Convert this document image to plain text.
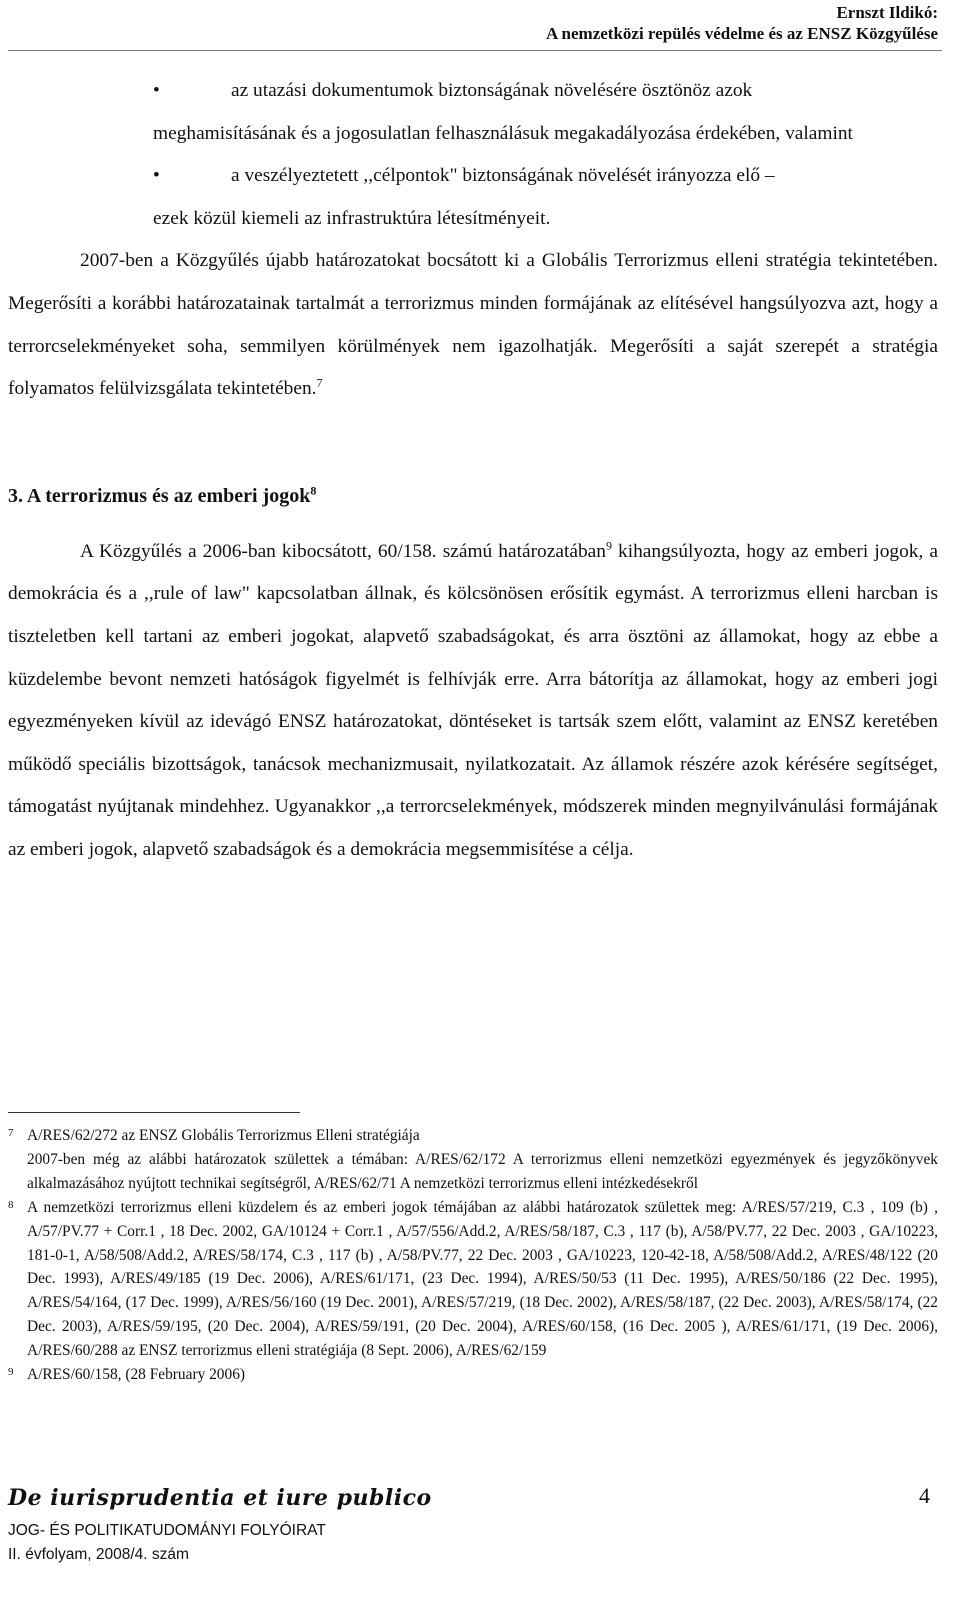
Ernszt Ildikó:
A nemzetközi repülés védelme és az ENSZ Közgyűlése

•	az utazási dokumentumok biztonságának növelésére ösztönöz azok

meghamisításának és a jogosulatlan felhasználásuk megakadályozása érdekében, valamint

•	a veszélyeztetett ,,célpontok" biztonságának növelését irányozza elő –

ezek közül kiemeli az infrastruktúra létesítményeit.

2007-ben a Közgyűlés újabb határozatokat bocsátott ki a Globális Terrorizmus elleni stratégia tekintetében. Megerősíti a korábbi határozatainak tartalmát a terrorizmus minden formájának az elítésével hangsúlyozva azt, hogy a terrorcselekményeket soha, semmilyen körülmények nem igazolhatják. Megerősíti a saját szerepét a stratégia folyamatos felülvizsgálata tekintetében.$^7$

3. A terrorizmus és az emberi jogok$^8$

A Közgyűlés a 2006-ban kibocsátott, 60/158. számú határozatában$^9$ kihangsúlyozta, hogy az emberi jogok, a demokrácia és a ,,rule of law" kapcsolatban állnak, és kölcsönösen erősítik egymást. A terrorizmus elleni harcban is tiszteletben kell tartani az emberi jogokat, alapvető szabadságokat, és arra ösztöni az államokat, hogy az ebbe a küzdelembe bevont nemzeti hatóságok figyelmét is felhívják erre. Arra bátorítja az államokat, hogy az emberi jogi egyezményeken kívül az idevágó ENSZ határozatokat, döntéseket is tartsák szem előtt, valamint az ENSZ keretében működő speciális bizottságok, tanácsok mechanizmusait, nyilatkozatait. Az államok részére azok kérésére segítséget, támogatást nyújtanak mindehhez. Ugyanakkor ,,a terrorcselekmények, módszerek minden megnyilvánulási formájának az emberi jogok, alapvető szabadságok és a demokrácia megsemmisítése a célja.

7 A/RES/62/272 az ENSZ Globális Terrorizmus Elleni stratégiája
2007-ben még az alábbi határozatok születtek a témában: A/RES/62/172 A terrorizmus elleni nemzetközi egyezmények és jegyzőkönyvek alkalmazásához nyújtott technikai segítségről, A/RES/62/71 A nemzetközi terrorizmus elleni intézkedésekről
8 A nemzetközi terrorizmus elleni küzdelem és az emberi jogok témájában az alábbi határozatok születtek meg: A/RES/57/219, C.3 , 109 (b) , A/57/PV.77 + Corr.1 , 18 Dec. 2002, GA/10124 + Corr.1 , A/57/556/Add.2, A/RES/58/187, C.3 , 117 (b), A/58/PV.77, 22 Dec. 2003 , GA/10223, 181-0-1, A/58/508/Add.2, A/RES/58/174, C.3 , 117 (b) , A/58/PV.77, 22 Dec. 2003 , GA/10223, 120-42-18, A/58/508/Add.2, A/RES/48/122 (20 Dec. 1993), A/RES/49/185 (19 Dec. 2006), A/RES/61/171, (23 Dec. 1994), A/RES/50/53 (11 Dec. 1995), A/RES/50/186 (22 Dec. 1995), A/RES/54/164, (17 Dec. 1999), A/RES/56/160 (19 Dec. 2001), A/RES/57/219, (18 Dec. 2002), A/RES/58/187, (22 Dec. 2003), A/RES/58/174, (22 Dec. 2003), A/RES/59/195, (20 Dec. 2004), A/RES/59/191, (20 Dec. 2004), A/RES/60/158, (16 Dec. 2005 ), A/RES/61/171, (19 Dec. 2006), A/RES/60/288 az ENSZ terrorizmus elleni stratégiája (8 Sept. 2006), A/RES/62/159
9 A/RES/60/158, (28 February 2006)
De iurisprudentia et iure publico	4
JOG- ÉS POLITIKATUDOMÁNYI FOLYÓIRAT
II. évfolyam, 2008/4. szám
